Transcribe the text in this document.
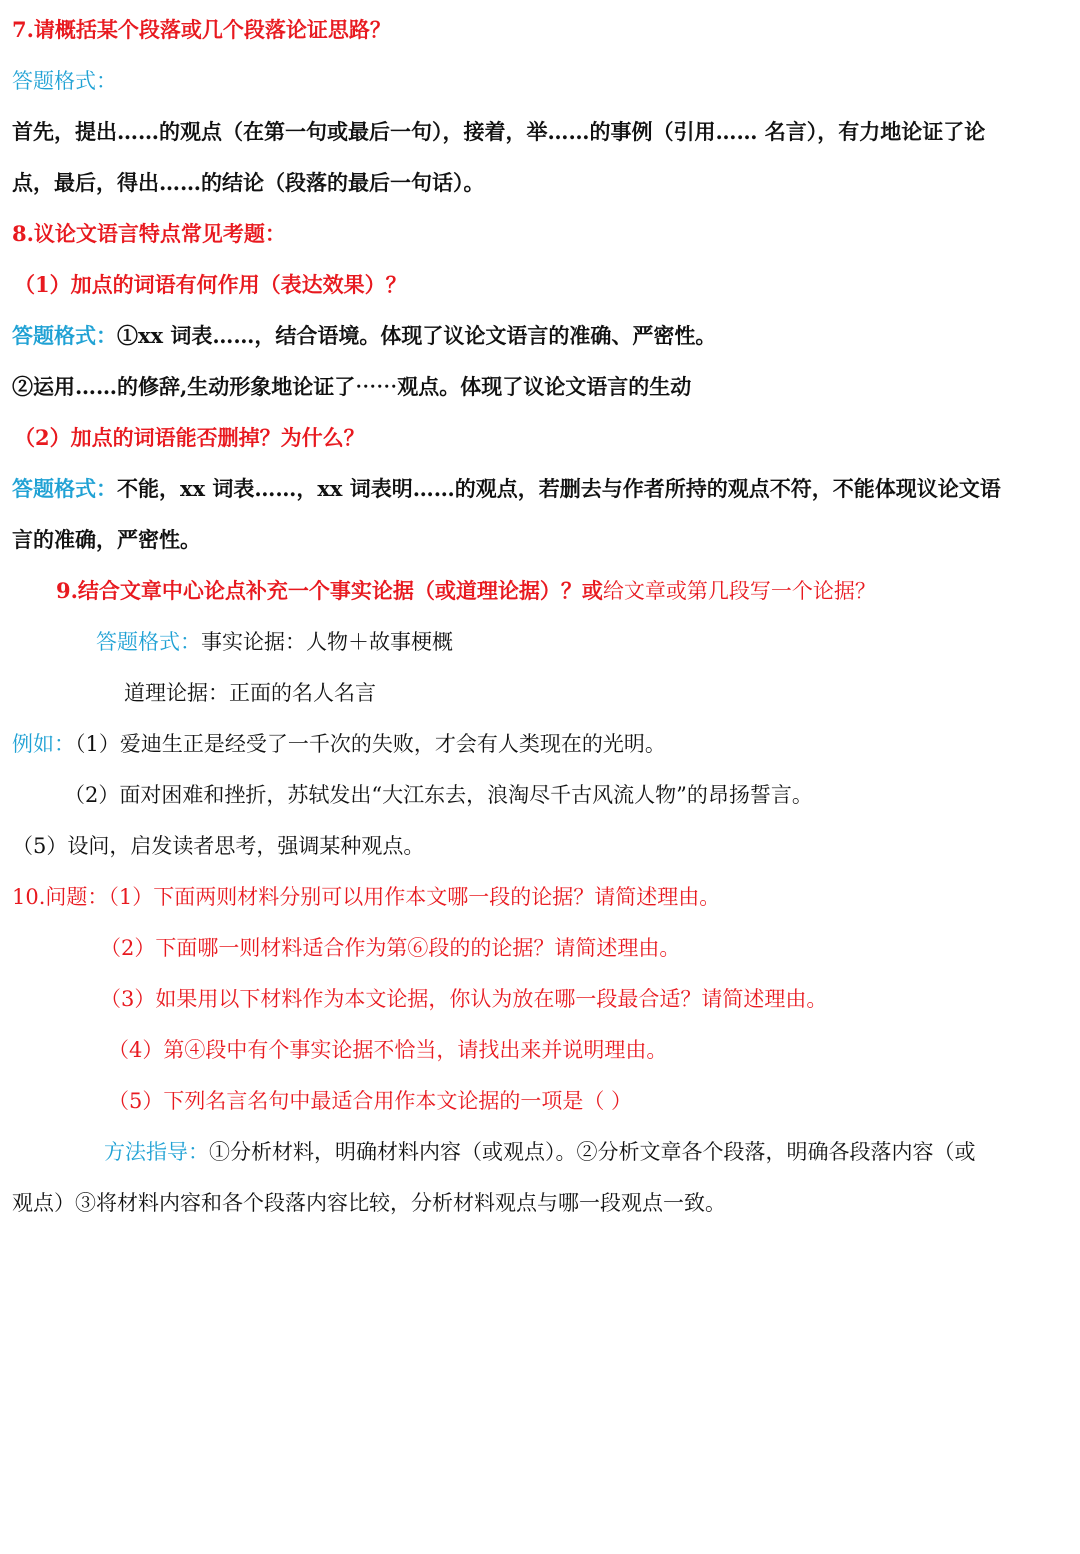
7.请概括某个段落或几个段落论证思路？
答题格式：
首先，提出……的观点（在第一句或最后一句），接着，举……的事例（引用…… 名言），有力地论证了论
点，最后，得出……的结论（段落的最后一句话）。
8.议论文语言特点常见考题：
（1）加点的词语有何作用（表达效果）？
答题格式：①xx 词表……，结合语境。体现了议论文语言的准确、严密性。
②运用……的修辞,生动形象地论证了⋯⋯观点。体现了议论文语言的生动
（2）加点的词语能否删掉？为什么？
答题格式：不能，xx 词表……，xx 词表明……的观点，若删去与作者所持的观点不符，不能体现议论文语
言的准确，严密性。
9.结合文章中心论点补充一个事实论据（或道理论据）？或给文章或第几段写一个论据？
答题格式：事实论据：人物＋故事梗概
道理论据：正面的名人名言
例如：（1）爱迪生正是经受了一千次的失败，才会有人类现在的光明。
（2）面对困难和挫折，苏轼发出“大江东去，浪淘尽千古风流人物”的昂扬誓言。
（5）设问，启发读者思考，强调某种观点。
10.问题：（1）下面两则材料分别可以用作本文哪一段的论据？请简述理由。
（2）下面哪一则材料适合作为第⑥段的的论据？请简述理由。
（3）如果用以下材料作为本文论据，你认为放在哪一段最合适？请简述理由。
（4）第④段中有个事实论据不恰当，请找出来并说明理由。
（5）下列名言名句中最适合用作本文论据的一项是（ ）
方法指导：①分析材料，明确材料内容（或观点）。②分析文章各个段落，明确各段落内容（或
观点）③将材料内容和各个段落内容比较，分析材料观点与哪一段观点一致。
